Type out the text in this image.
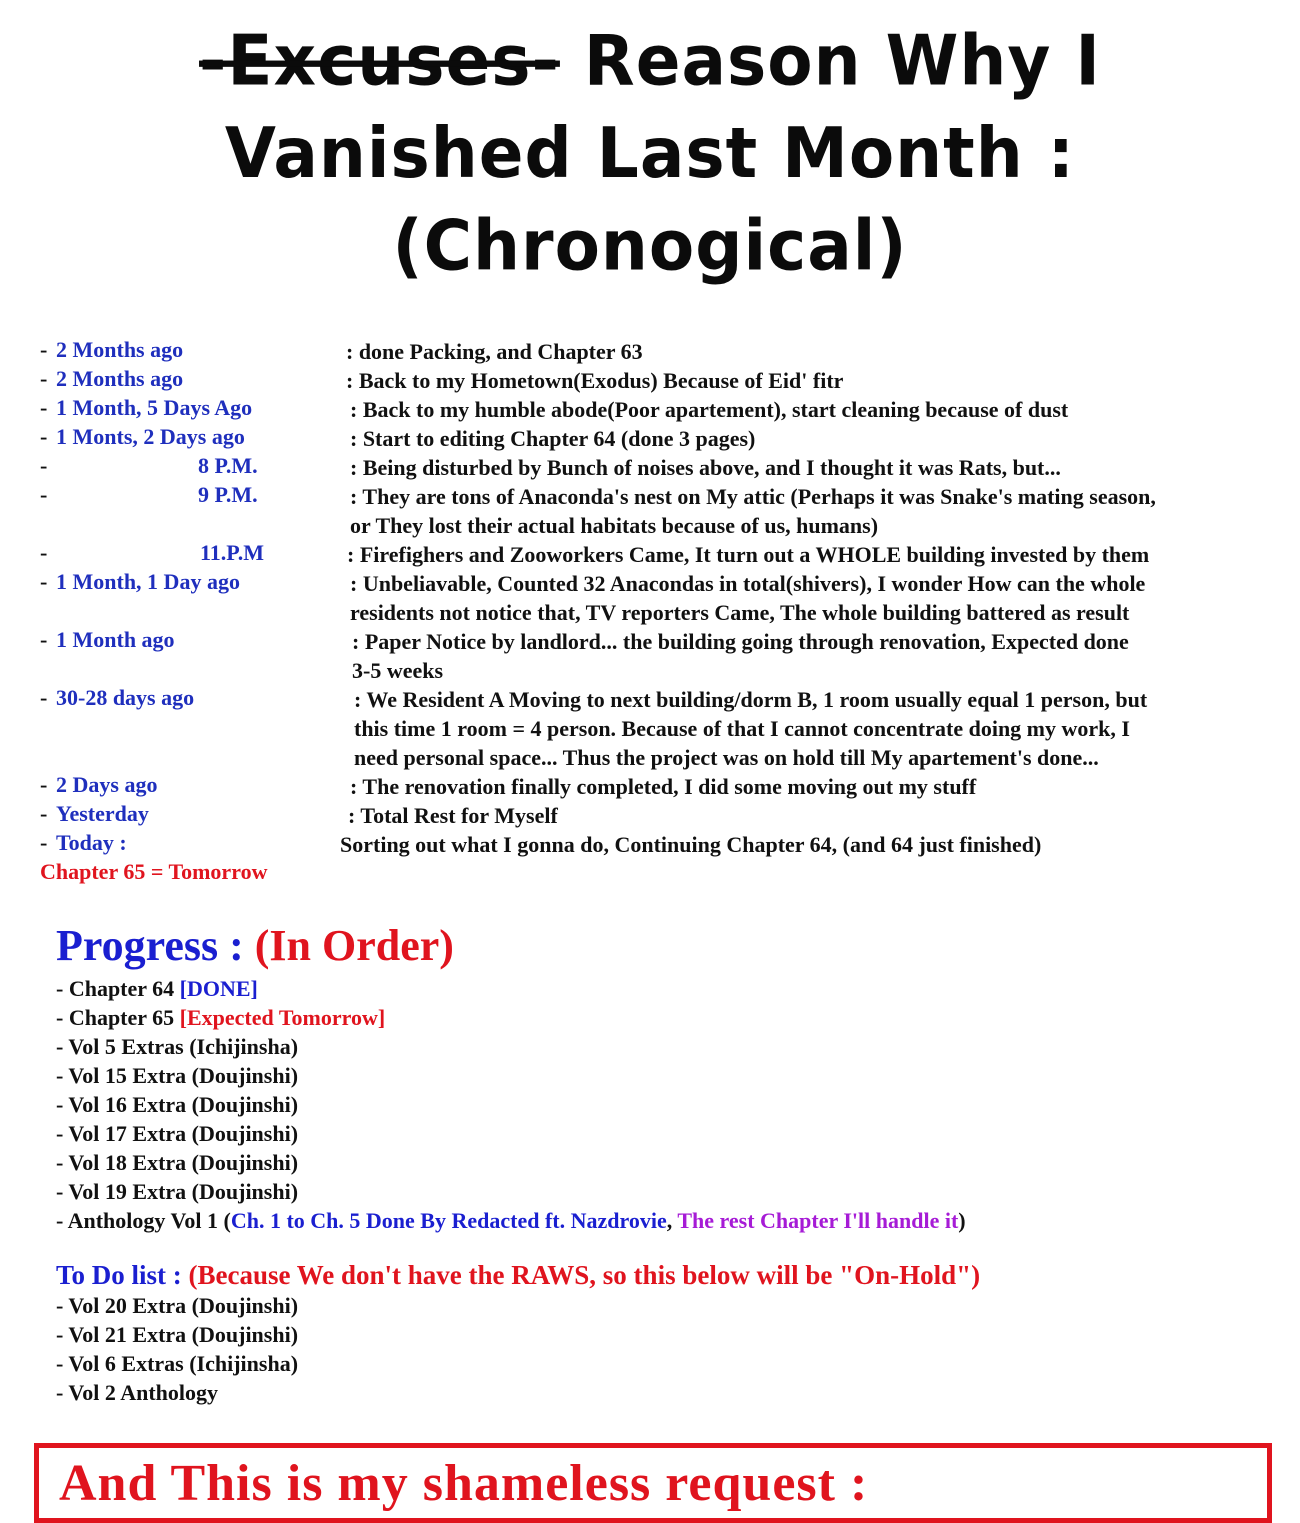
-Excuses- Reason Why I
Vanished Last Month :
(Chronogical)
- 2 Months ago	: done Packing, and Chapter 63
- 2 Months ago	: Back to my Hometown(Exodus) Because of Eid' fitr
- 1 Month, 5 Days Ago	: Back to my humble abode(Poor apartement), start cleaning because of dust
- 1 Monts, 2 Days ago	: Start to editing Chapter 64 (done 3 pages)
-	8 P.M.	: Being disturbed by Bunch of noises above, and I thought it was Rats, but...
-	9 P.M.	: They are tons of Anaconda's nest on My attic (Perhaps it was Snake's mating season,
or They lost their actual habitats because of us, humans)
-	11.P.M	: Firefighers and Zooworkers Came, It turn out a WHOLE building invested by them
- 1 Month, 1 Day ago	: Unbeliavable, Counted 32 Anacondas in total(shivers), I wonder How can the whole
residents not notice that, TV reporters Came, The whole building battered as result
- 1 Month ago	: Paper Notice by landlord... the building going through renovation, Expected done
3-5 weeks
- 30-28 days ago	: We Resident A Moving to next building/dorm B, 1 room usually equal 1 person, but
this time 1 room = 4 person. Because of that I cannot concentrate doing my work, I
need personal space... Thus the project was on hold till My apartement's done...
- 2 Days ago	: The renovation finally completed, I did some moving out my stuff
- Yesterday	: Total Rest for Myself
- Today :	Sorting out what I gonna do, Continuing Chapter 64, (and 64 just finished)
Chapter 65 = Tomorrow
Progress : (In Order)
- Chapter 64 [DONE]
- Chapter 65 [Expected Tomorrow]
- Vol 5 Extras (Ichijinsha)
- Vol 15 Extra (Doujinshi)
- Vol 16 Extra (Doujinshi)
- Vol 17 Extra (Doujinshi)
- Vol 18 Extra (Doujinshi)
- Vol 19 Extra (Doujinshi)
- Anthology Vol 1 (Ch. 1 to Ch. 5 Done By Redacted ft. Nazdrovie, The rest Chapter I'll handle it)
To Do list : (Because We don't have the RAWS, so this below will be "On-Hold")
- Vol 20 Extra (Doujinshi)
- Vol 21 Extra (Doujinshi)
- Vol 6 Extras (Ichijinsha)
- Vol 2 Anthology
And This is my shameless request :
